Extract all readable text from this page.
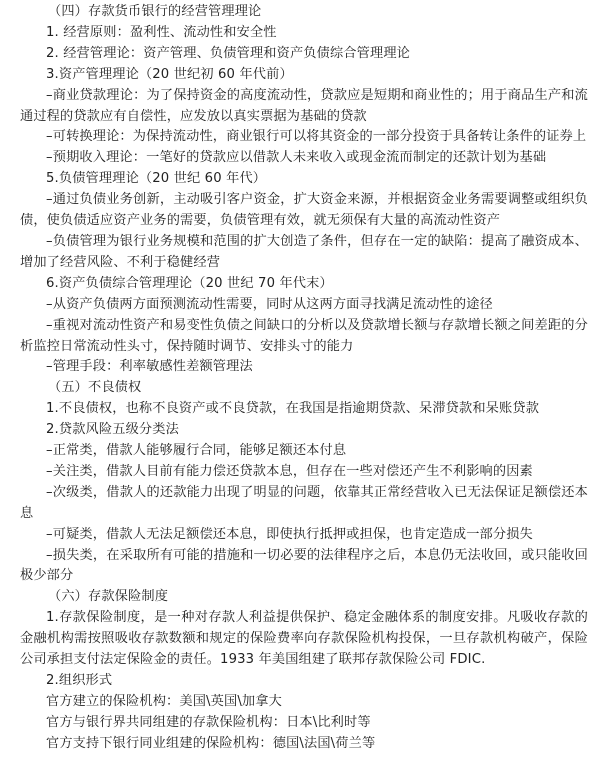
（四）存款货币银行的经营管理理论
1. 经营原则：盈利性、流动性和安全性
2. 经营管理论：资产管理、负债管理和资产负债综合管理理论
3.资产管理理论（20 世纪初 60 年代前）
–商业贷款理论：为了保持资金的高度流动性，贷款应是短期和商业性的；用于商品生产和流通过程的贷款应有自偿性，应发放以真实票据为基础的贷款
–可转换理论：为保持流动性，商业银行可以将其资金的一部分投资于具备转让条件的证券上
–预期收入理论：一笔好的贷款应以借款人未来收入或现金流而制定的还款计划为基础
5.负债管理理论（20 世纪 60 年代）
–通过负债业务创新，主动吸引客户资金，扩大资金来源，并根据资金业务需要调整或组织负债，使负债适应资产业务的需要，负债管理有效，就无须保有大量的高流动性资产
–负债管理为银行业务规模和范围的扩大创造了条件，但存在一定的缺陷：提高了融资成本、增加了经营风险、不利于稳健经营
6.资产负债综合管理理论（20 世纪 70 年代末）
–从资产负债两方面预测流动性需要，同时从这两方面寻找满足流动性的途径
–重视对流动性资产和易变性负债之间缺口的分析以及贷款增长额与存款增长额之间差距的分析监控日常流动性头寸，保持随时调节、安排头寸的能力
–管理手段：利率敏感性差额管理法
（五）不良债权
1.不良债权，也称不良资产或不良贷款，在我国是指逾期贷款、呆滞贷款和呆账贷款
2.贷款风险五级分类法
–正常类，借款人能够履行合同，能够足额还本付息
–关注类，借款人目前有能力偿还贷款本息，但存在一些对偿还产生不利影响的因素
–次级类，借款人的还款能力出现了明显的问题，依靠其正常经营收入已无法保证足额偿还本息
–可疑类，借款人无法足额偿还本息，即使执行抵押或担保，也肯定造成一部分损失
–损失类，在采取所有可能的措施和一切必要的法律程序之后，本息仍无法收回，或只能收回极少部分
（六）存款保险制度
1.存款保险制度，是一种对存款人利益提供保护、稳定金融体系的制度安排。凡吸收存款的金融机构需按照吸收存款数额和规定的保险费率向存款保险机构投保，一旦存款机构破产，保险公司承担支付法定保险金的责任。1933 年美国组建了联邦存款保险公司 FDIC.
2.组织形式
官方建立的保险机构：美国\英国\加拿大
官方与银行界共同组建的存款保险机构：日本\比利时等
官方支持下银行同业组建的保险机构：德国\法国\荷兰等
